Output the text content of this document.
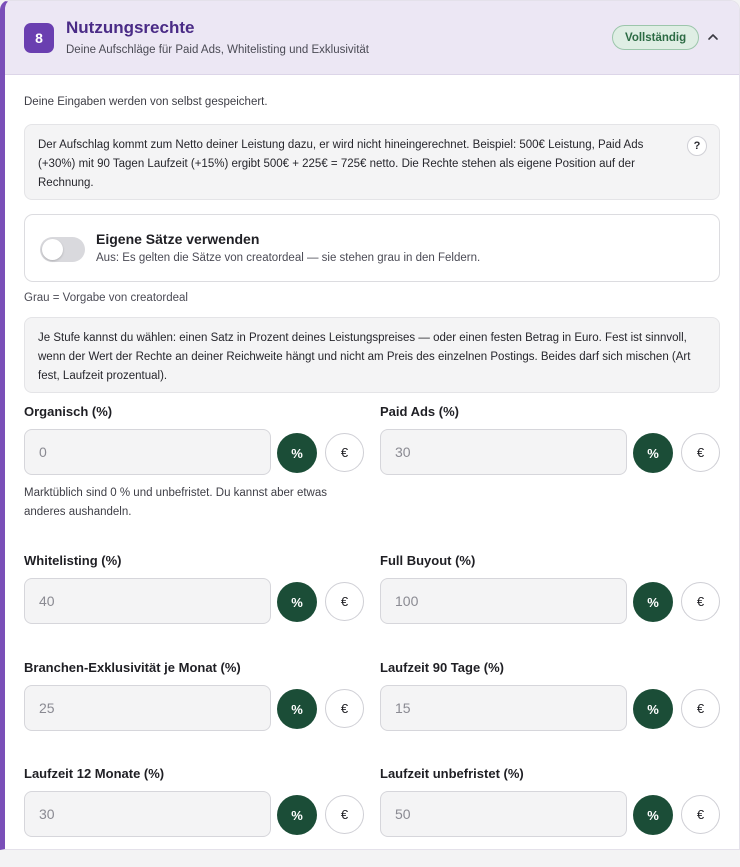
8
Nutzungsrechte
Deine Aufschläge für Paid Ads, Whitelisting und Exklusivität
Vollständig
Deine Eingaben werden von selbst gespeichert.
Der Aufschlag kommt zum Netto deiner Leistung dazu, er wird nicht hineingerechnet. Beispiel: 500€ Leistung, Paid Ads (+30%) mit 90 Tagen Laufzeit (+15%) ergibt 500€ + 225€ = 725€ netto. Die Rechte stehen als eigene Position auf der Rechnung.
?
Eigene Sätze verwenden
Aus: Es gelten die Sätze von creatordeal — sie stehen grau in den Feldern.
Grau = Vorgabe von creatordeal
Je Stufe kannst du wählen: einen Satz in Prozent deines Leistungspreises — oder einen festen Betrag in Euro. Fest ist sinnvoll, wenn der Wert der Rechte an deiner Reichweite hängt und nicht am Preis des einzelnen Postings. Beides darf sich mischen (Art fest, Laufzeit prozentual).
Organisch (%)
0
%	€
Marktüblich sind 0 % und unbefristet. Du kannst aber etwas anderes aushandeln.
Paid Ads (%)
30
%	€
Whitelisting (%)
40
%	€
Full Buyout (%)
100
%	€
Branchen-Exklusivität je Monat (%)
25
%	€
Laufzeit 90 Tage (%)
15
%	€
Laufzeit 12 Monate (%)
30
%	€
Laufzeit unbefristet (%)
50
%	€
